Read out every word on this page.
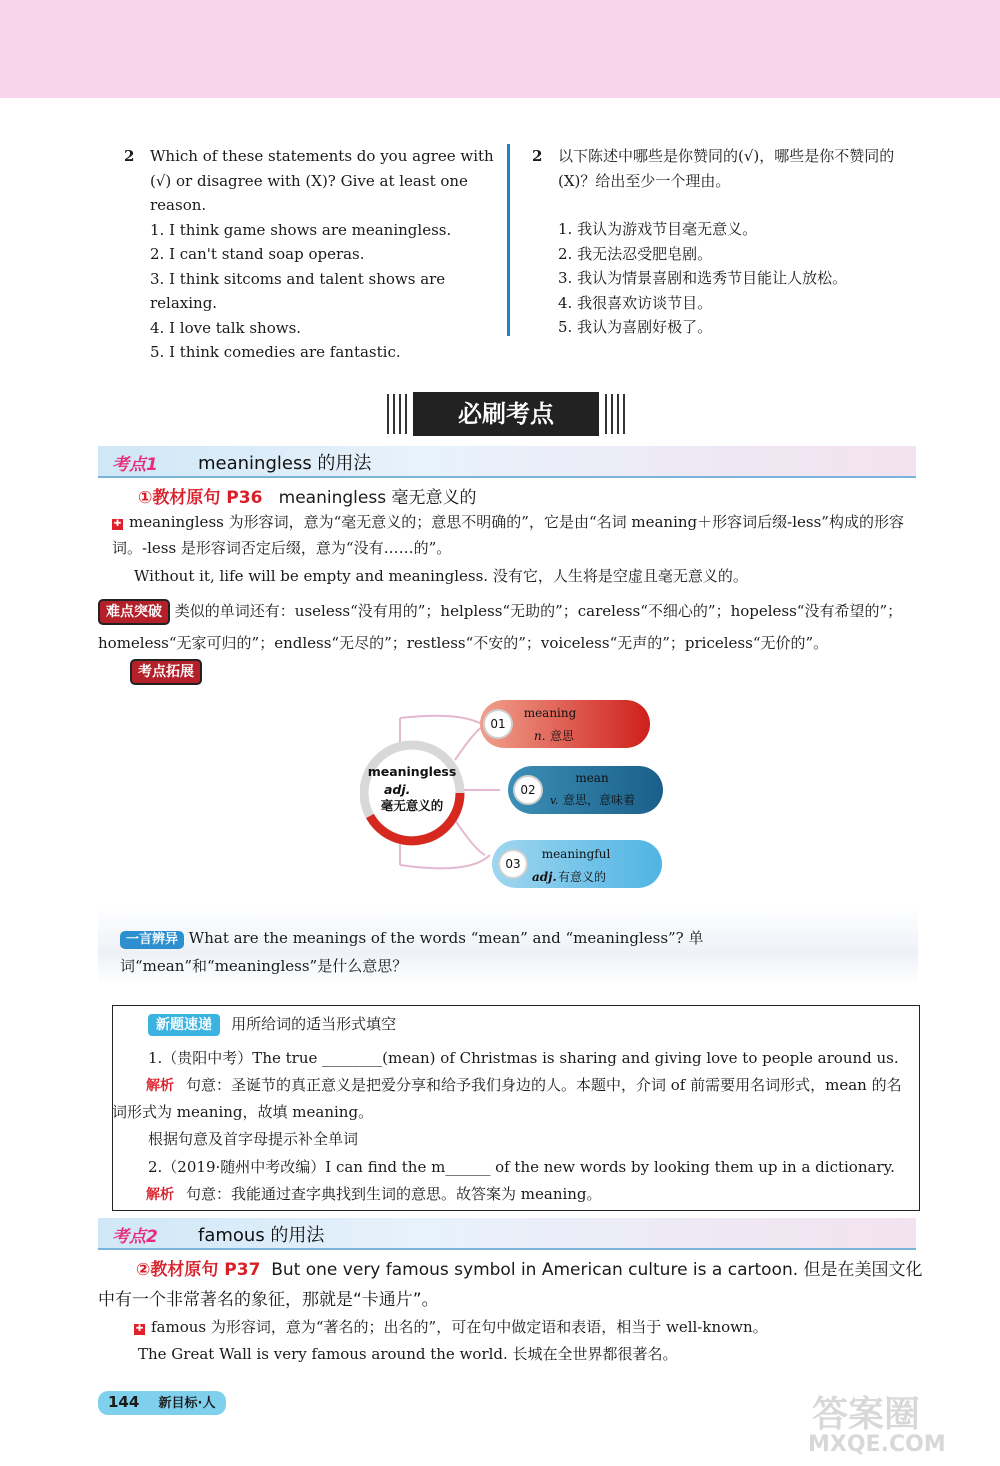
2 Which of these statements do you agree with (√) or disagree with (X)? Give at least one reason.
1. I think game shows are meaningless.
2. I can't stand soap operas.
3. I think sitcoms and talent shows are relaxing.
4. I love talk shows.
5. I think comedies are fantastic.
2 以下陈述中哪些是你赞同的(√)，哪些是你不赞同的(X)？给出至少一个理由。
1. 我认为游戏节目毫无意义。
2. 我无法忍受肥皂剧。
3. 我认为情景喜剧和选秀节目能让人放松。
4. 我很喜欢访谈节目。
5. 我认为喜剧好极了。
必刷考点
考点1 meaningless 的用法
①教材原句 P36 meaningless 毫无意义的
✚ meaningless 为形容词，意为“毫无意义的；意思不明确的”，它是由“名词 meaning＋形容词后缀-less”构成的形容词。-less 是形容词否定后缀，意为“没有……的”。
Without it, life will be empty and meaningless. 没有它，人生将是空虚且毫无意义的。
难点突破 类似的单词还有：useless“没有用的”；helpless“无助的”；careless“不细心的”；hopeless“没有希望的”；homeless“无家可归的”；endless“无尽的”；restless“不安的”；voiceless“无声的”；priceless“无价的”。
考点拓展
meaningless
adj.
毫无意义的
01
meaning
n. 意思
02
mean
v. 意思，意味着
03
meaningful
adj. 有意义的
一言辨异 What are the meanings of the words “mean” and “meaningless”? 单词“mean”和“meaningless”是什么意思？
新题速递 用所给词的适当形式填空
1.（贵阳中考）The true ________(mean) of Christmas is sharing and giving love to people around us.
解析 句意：圣诞节的真正意义是把爱分享和给予我们身边的人。本题中，介词 of 前需要用名词形式，mean 的名词形式为 meaning，故填 meaning。
根据句意及首字母提示补全单词
2.（2019·随州中考改编）I can find the m______ of the new words by looking them up in a dictionary.
解析 句意：我能通过查字典找到生词的意思。故答案为 meaning。
考点2 famous 的用法
②教材原句 P37 But one very famous symbol in American culture is a cartoon. 但是在美国文化中有一个非常著名的象征，那就是“卡通片”。
✚ famous 为形容词，意为“著名的；出名的”，可在句中做定语和表语，相当于 well-known。
The Great Wall is very famous around the world. 长城在全世界都很著名。
144 新目标·人	答案圈
MXQE.COM
